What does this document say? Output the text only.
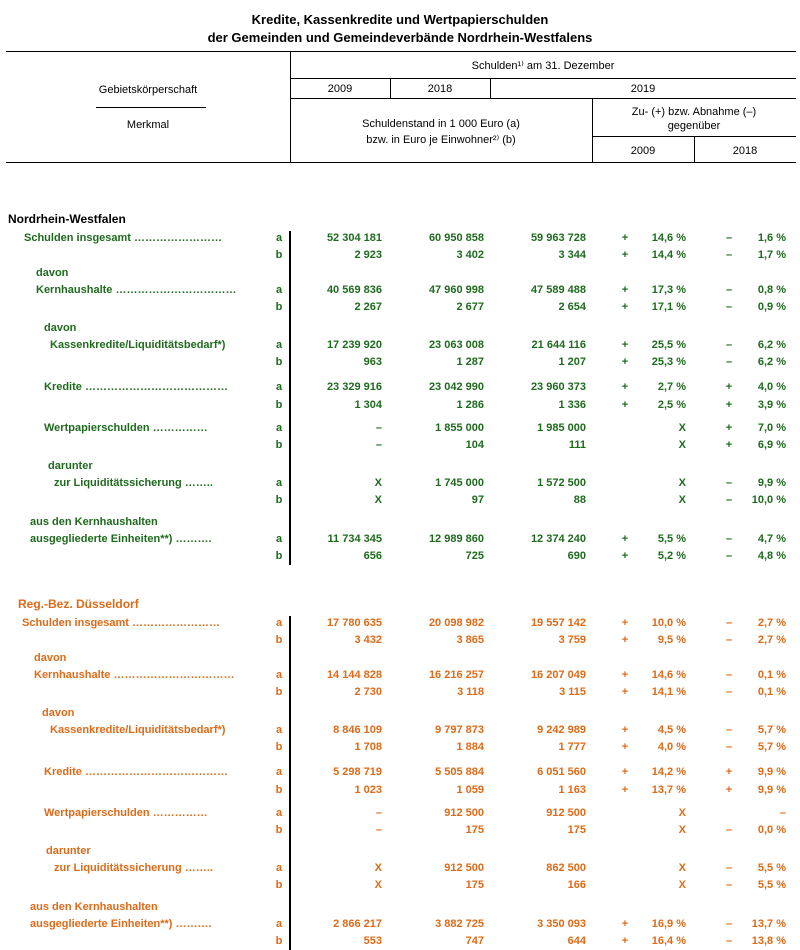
Kredite, Kassenkredite und Wertpapierschulden
der Gemeinden und Gemeindeverbände Nordrhein-Westfalens
Gebietskörperschaft
Merkmal
Schulden¹⁾ am 31. Dezember
2009	2018	2019
Schuldenstand in 1 000 Euro (a)
bzw. in Euro je Einwohner²⁾ (b)
Zu- (+) bzw. Abnahme (–)
gegenüber
2009	2018
Nordrhein-Westfalen
Schulden insgesamt ……………………	a	52 304 181	60 950 858	59 963 728	+	14,6 %	–	1,6 %
b	2 923	3 402	3 344	+	14,4 %	–	1,7 %
davon
Kernhaushalte ……………………………	a	40 569 836	47 960 998	47 589 488	+	17,3 %	–	0,8 %
b	2 267	2 677	2 654	+	17,1 %	–	0,9 %
davon
Kassenkredite/Liquiditätsbedarf*)	a	17 239 920	23 063 008	21 644 116	+	25,5 %	–	6,2 %
b	963	1 287	1 207	+	25,3 %	–	6,2 %
Kredite …………………………………	a	23 329 916	23 042 990	23 960 373	+	2,7 %	+	4,0 %
b	1 304	1 286	1 336	+	2,5 %	+	3,9 %
Wertpapierschulden ……………	a	–	1 855 000	1 985 000	X	+	7,0 %
b	–	104	111	X	+	6,9 %
darunter
zur Liquiditätssicherung ……..	a	X	1 745 000	1 572 500	X	–	9,9 %
b	X	97	88	X	–	10,0 %
aus den Kernhaushalten
ausgegliederte Einheiten**) ……….	a	11 734 345	12 989 860	12 374 240	+	5,5 %	–	4,7 %
b	656	725	690	+	5,2 %	–	4,8 %
Reg.-Bez. Düsseldorf
Schulden insgesamt ……………………	a	17 780 635	20 098 982	19 557 142	+	10,0 %	–	2,7 %
b	3 432	3 865	3 759	+	9,5 %	–	2,7 %
davon
Kernhaushalte ……………………………	a	14 144 828	16 216 257	16 207 049	+	14,6 %	–	0,1 %
b	2 730	3 118	3 115	+	14,1 %	–	0,1 %
davon
Kassenkredite/Liquiditätsbedarf*)	a	8 846 109	9 797 873	9 242 989	+	4,5 %	–	5,7 %
b	1 708	1 884	1 777	+	4,0 %	–	5,7 %
Kredite …………………………………	a	5 298 719	5 505 884	6 051 560	+	14,2 %	+	9,9 %
b	1 023	1 059	1 163	+	13,7 %	+	9,9 %
Wertpapierschulden ……………	a	–	912 500	912 500	X	–
b	–	175	175	X	–	0,0 %
darunter
zur Liquiditätssicherung ……..	a	X	912 500	862 500	X	–	5,5 %
b	X	175	166	X	–	5,5 %
aus den Kernhaushalten
ausgegliederte Einheiten**) ……….	a	2 866 217	3 882 725	3 350 093	+	16,9 %	–	13,7 %
b	553	747	644	+	16,4 %	–	13,8 %
